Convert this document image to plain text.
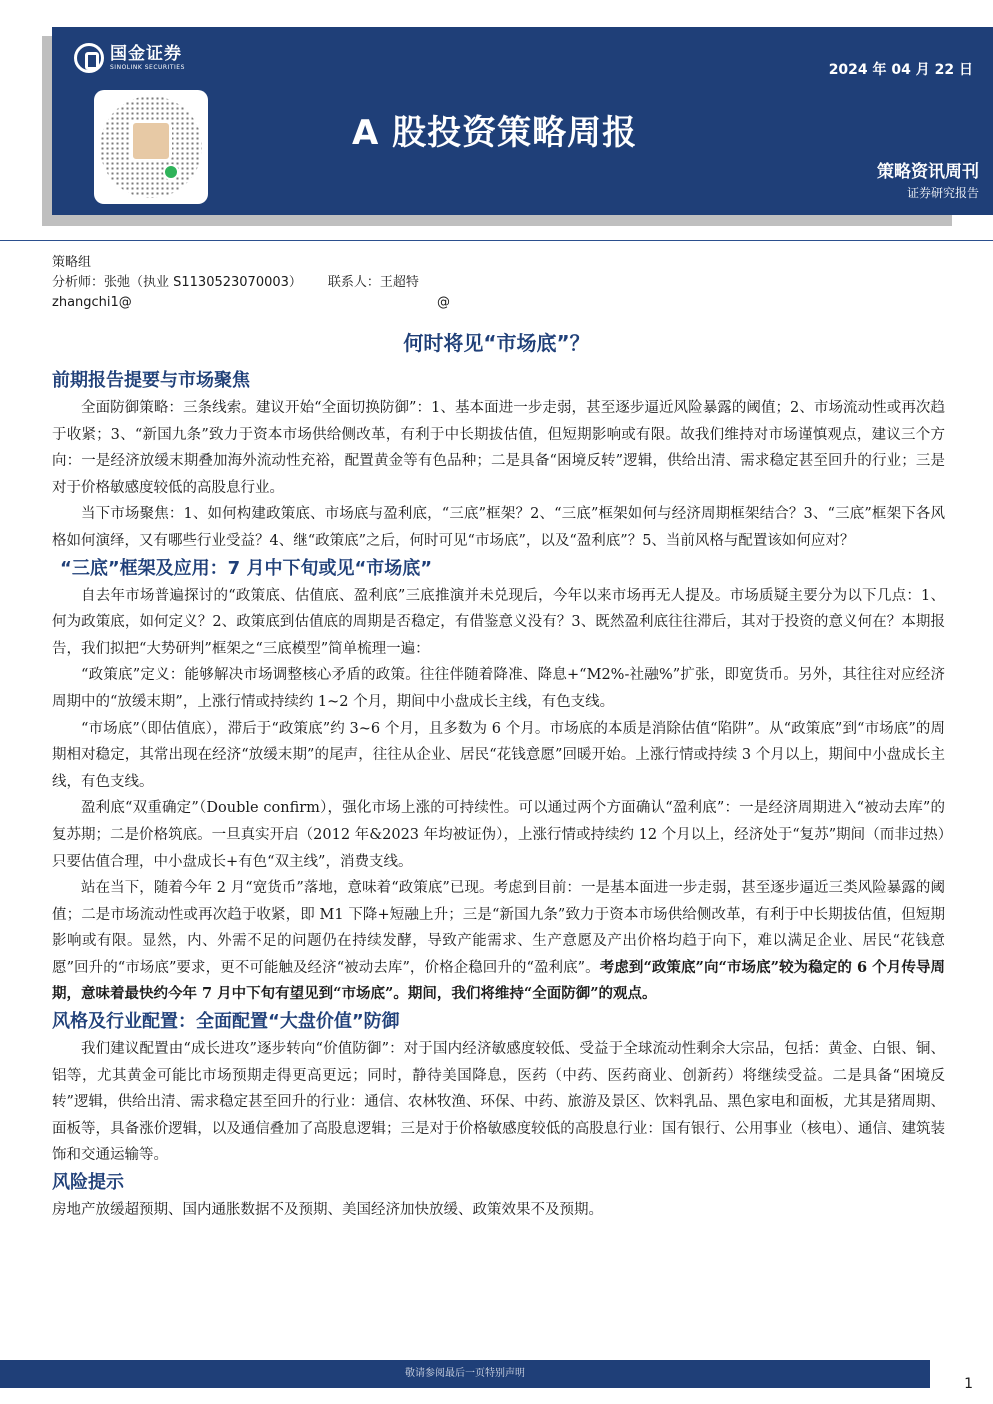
国金证券
SINOLINK SECURITIES
A 股投资策略周报
2024 年 04 月 22 日
策略资讯周刊
证券研究报告
策略组
分析师：张弛（执业 S1130523070003） 联系人：王超特
zhangchi1@	@
何时将见“市场底”？
前期报告提要与市场聚焦

全面防御策略：三条线索。建议开始“全面切换防御”：1、基本面进一步走弱，甚至逐步逼近风险暴露的阈值；2、市场流动性或再次趋于收紧；3、“新国九条”致力于资本市场供给侧改革，有利于中长期拔估值，但短期影响或有限。故我们维持对市场谨慎观点，建议三个方向：一是经济放缓末期叠加海外流动性充裕，配置黄金等有色品种；二是具备“困境反转”逻辑，供给出清、需求稳定甚至回升的行业；三是对于价格敏感度较低的高股息行业。

当下市场聚焦：1、如何构建政策底、市场底与盈利底，“三底”框架？2、“三底”框架如何与经济周期框架结合？3、“三底”框架下各风格如何演绎，又有哪些行业受益？4、继“政策底”之后，何时可见“市场底”，以及“盈利底”？5、当前风格与配置该如何应对？

“三底”框架及应用：7 月中下旬或见“市场底”

自去年市场普遍探讨的“政策底、估值底、盈利底”三底推演并未兑现后，今年以来市场再无人提及。市场质疑主要分为以下几点：1、何为政策底，如何定义？2、政策底到估值底的周期是否稳定，有借鉴意义没有？3、既然盈利底往往滞后，其对于投资的意义何在？本期报告，我们拟把“大势研判”框架之“三底模型”简单梳理一遍：

“政策底”定义：能够解决市场调整核心矛盾的政策。往往伴随着降准、降息+“M2%-社融%”扩张，即宽货币。另外，其往往对应经济周期中的“放缓末期”，上涨行情或持续约 1~2 个月，期间中小盘成长主线，有色支线。

“市场底”（即估值底），滞后于“政策底”约 3~6 个月，且多数为 6 个月。市场底的本质是消除估值“陷阱”。从“政策底”到“市场底”的周期相对稳定，其常出现在经济“放缓末期”的尾声，往往从企业、居民“花钱意愿”回暖开始。上涨行情或持续 3 个月以上，期间中小盘成长主线，有色支线。

盈利底“双重确定”（Double confirm），强化市场上涨的可持续性。可以通过两个方面确认“盈利底”：一是经济周期进入“被动去库”的复苏期；二是价格筑底。一旦真实开启（2012 年&2023 年均被证伪），上涨行情或持续约 12 个月以上，经济处于“复苏”期间（而非过热）只要估值合理，中小盘成长+有色“双主线”，消费支线。

站在当下，随着今年 2 月“宽货币”落地，意味着“政策底”已现。考虑到目前：一是基本面进一步走弱，甚至逐步逼近三类风险暴露的阈值；二是市场流动性或再次趋于收紧，即 M1 下降+短融上升；三是“新国九条”致力于资本市场供给侧改革，有利于中长期拔估值，但短期影响或有限。显然，内、外需不足的问题仍在持续发酵，导致产能需求、生产意愿及产出价格均趋于向下，难以满足企业、居民“花钱意愿”回升的“市场底”要求，更不可能触及经济“被动去库”，价格企稳回升的“盈利底”。考虑到“政策底”向“市场底”较为稳定的 6 个月传导周期，意味着最快约今年 7 月中下旬有望见到“市场底”。期间，我们将维持“全面防御”的观点。

风格及行业配置：全面配置“大盘价值”防御

我们建议配置由“成长进攻”逐步转向“价值防御”：对于国内经济敏感度较低、受益于全球流动性剩余大宗品，包括：黄金、白银、铜、铝等，尤其黄金可能比市场预期走得更高更远；同时，静待美国降息，医药（中药、医药商业、创新药）将继续受益。二是具备“困境反转”逻辑，供给出清、需求稳定甚至回升的行业：通信、农林牧渔、环保、中药、旅游及景区、饮料乳品、黑色家电和面板，尤其是猪周期、面板等，具备涨价逻辑，以及通信叠加了高股息逻辑；三是对于价格敏感度较低的高股息行业：国有银行、公用事业（核电）、通信、建筑装饰和交通运输等。

风险提示

房地产放缓超预期、国内通胀数据不及预期、美国经济加快放缓、政策效果不及预期。

敬请参阅最后一页特别声明
1
